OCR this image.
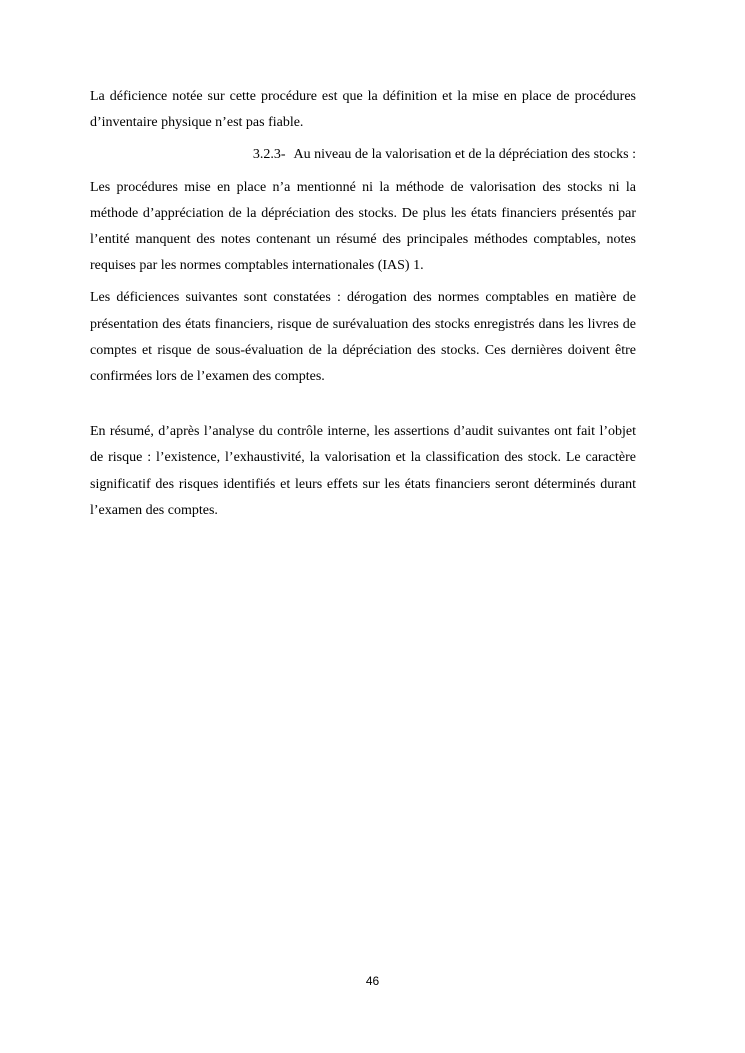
La déficience notée sur cette procédure est que la définition et la mise en place de procédures d’inventaire physique n’est pas fiable.

3.2.3- Au niveau de la valorisation et de la dépréciation des stocks :

Les procédures mise en place n’a mentionné ni la méthode de valorisation des stocks ni la méthode d’appréciation de la dépréciation des stocks. De plus les états financiers présentés par l’entité manquent des notes contenant un résumé des principales méthodes comptables, notes requises par les normes comptables internationales (IAS) 1.

Les déficiences suivantes sont constatées : dérogation des normes comptables en matière de présentation des états financiers, risque de surévaluation des stocks enregistrés dans les livres de comptes et risque de sous-évaluation de la dépréciation des stocks. Ces dernières doivent être confirmées lors de l’examen des comptes.

En résumé, d’après l’analyse du contrôle interne, les assertions d’audit suivantes ont fait l’objet de risque : l’existence, l’exhaustivité, la valorisation et la classification des stock. Le caractère significatif des risques identifiés et leurs effets sur les états financiers seront déterminés durant l’examen des comptes.

46
